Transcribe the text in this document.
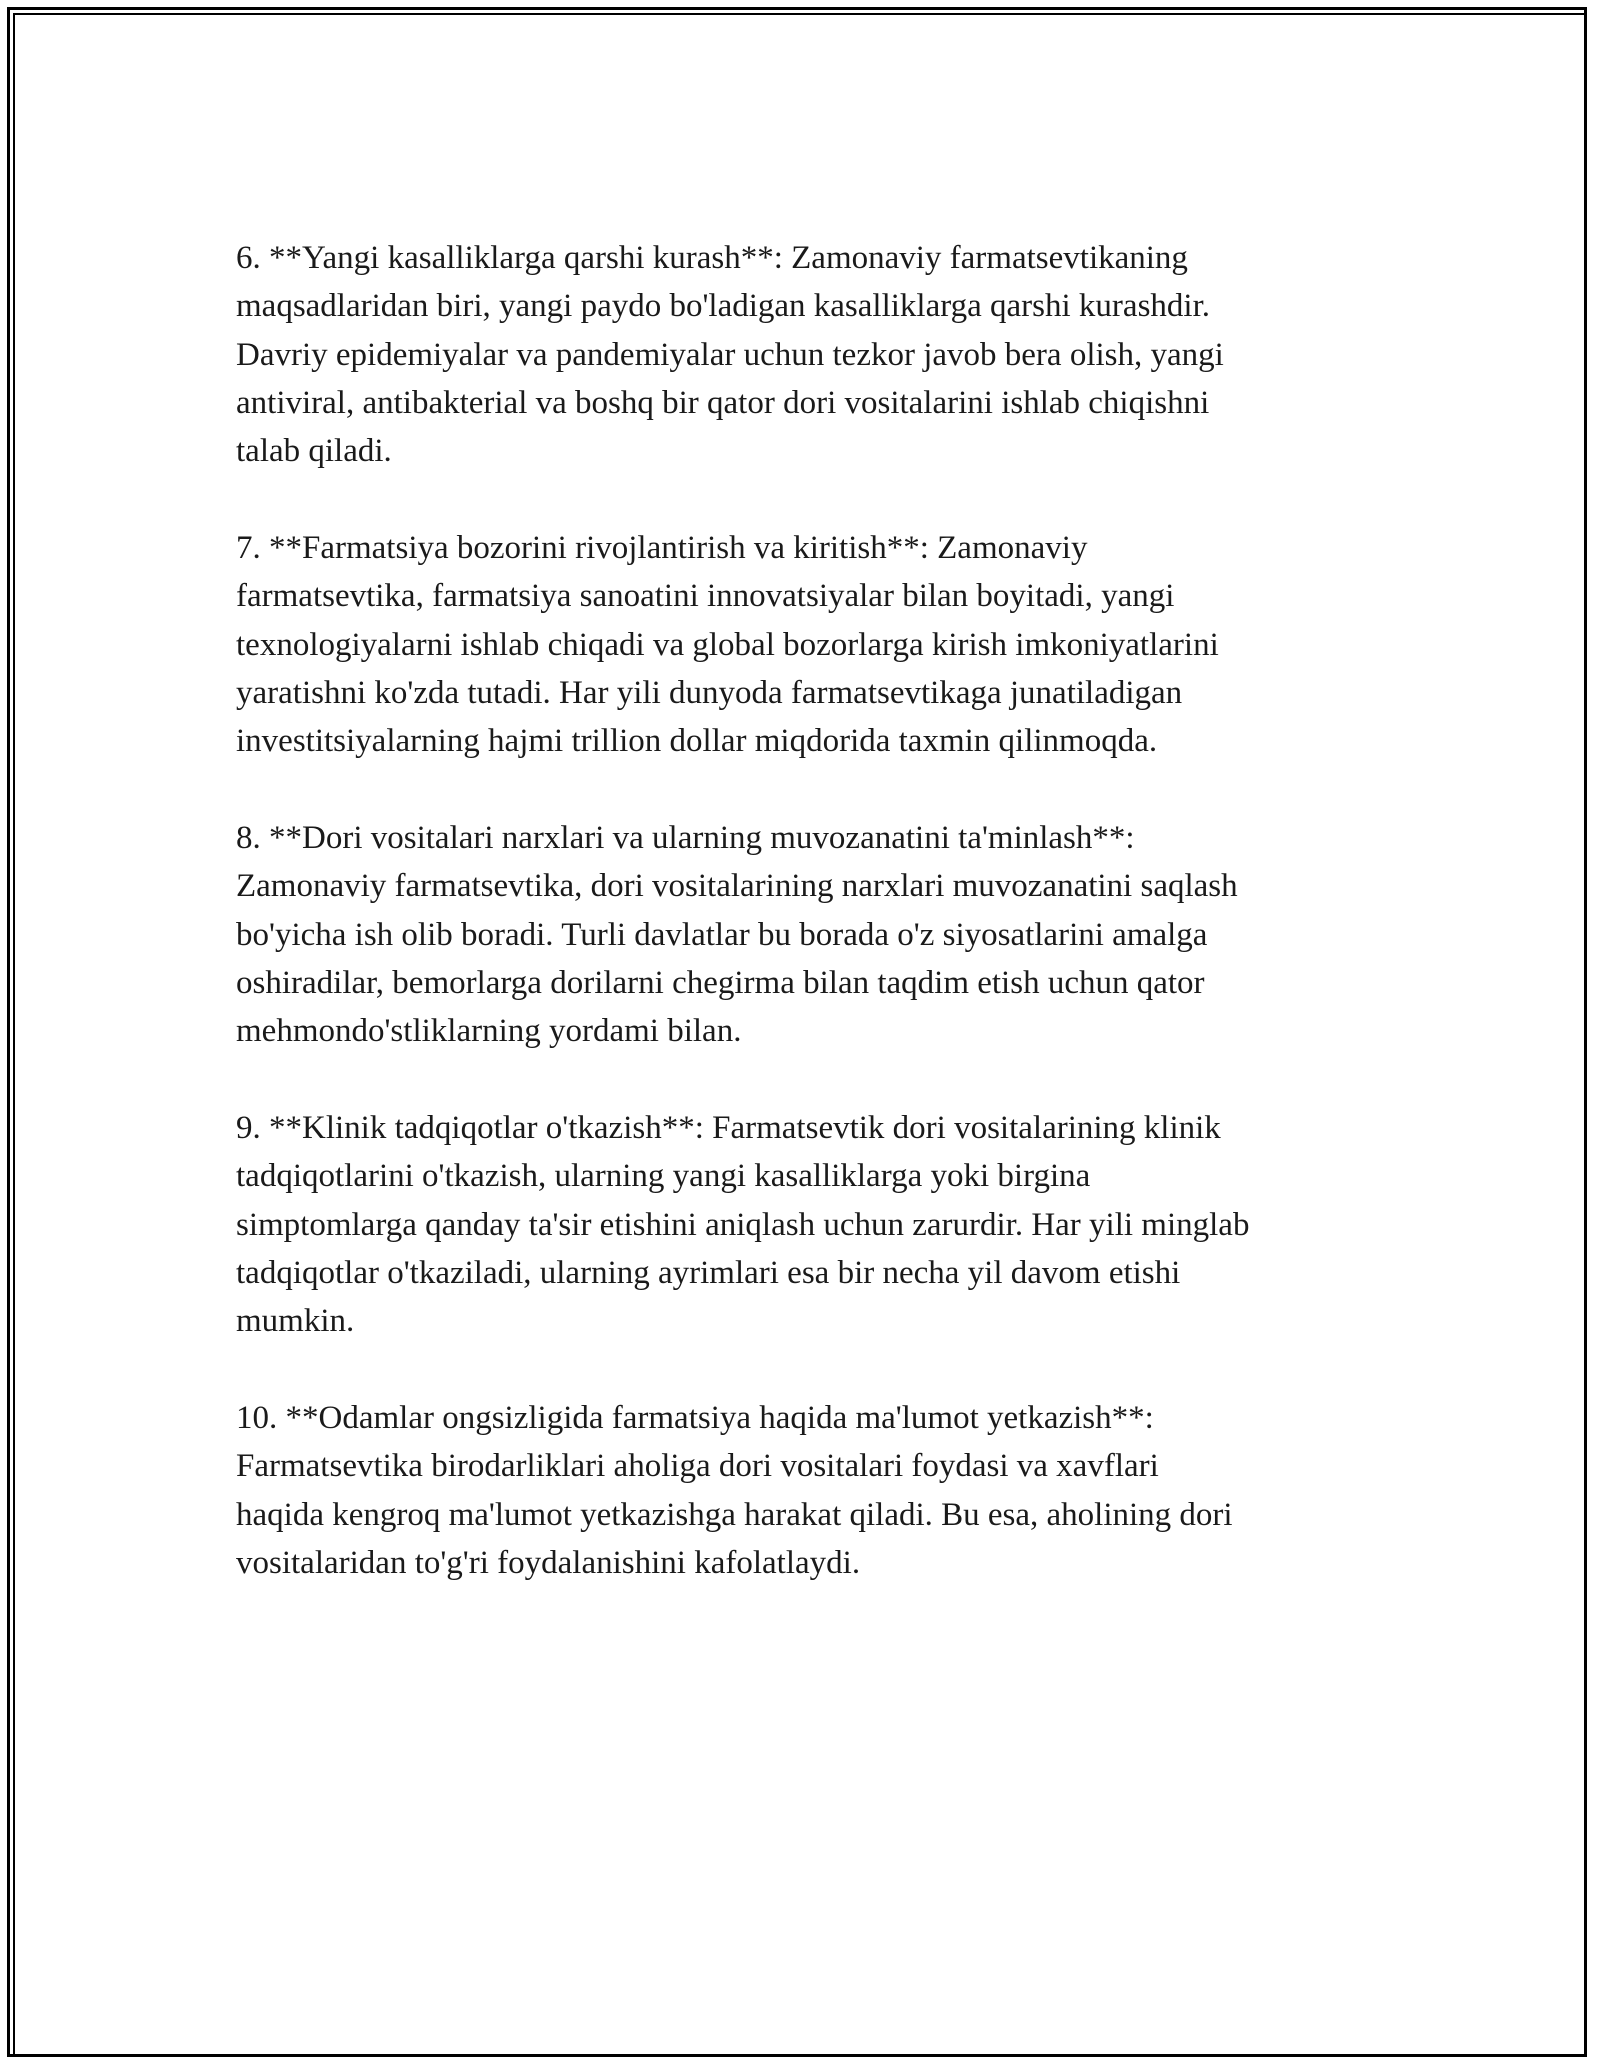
6. **Yangi kasalliklarga qarshi kurash**: Zamonaviy farmatsevtikaning
maqsadlaridan biri, yangi paydo bo'ladigan kasalliklarga qarshi kurashdir.
Davriy epidemiyalar va pandemiyalar uchun tezkor javob bera olish, yangi
antiviral, antibakterial va boshq bir qator dori vositalarini ishlab chiqishni
talab qiladi.

7. **Farmatsiya bozorini rivojlantirish va kiritish**: Zamonaviy
farmatsevtika, farmatsiya sanoatini innovatsiyalar bilan boyitadi, yangi
texnologiyalarni ishlab chiqadi va global bozorlarga kirish imkoniyatlarini
yaratishni ko'zda tutadi. Har yili dunyoda farmatsevtikaga junatiladigan
investitsiyalarning hajmi trillion dollar miqdorida taxmin qilinmoqda.

8. **Dori vositalari narxlari va ularning muvozanatini ta'minlash**:
Zamonaviy farmatsevtika, dori vositalarining narxlari muvozanatini saqlash
bo'yicha ish olib boradi. Turli davlatlar bu borada o'z siyosatlarini amalga
oshiradilar, bemorlarga dorilarni chegirma bilan taqdim etish uchun qator
mehmondo'stliklarning yordami bilan.

9. **Klinik tadqiqotlar o'tkazish**: Farmatsevtik dori vositalarining klinik
tadqiqotlarini o'tkazish, ularning yangi kasalliklarga yoki birgina
simptomlarga qanday ta'sir etishini aniqlash uchun zarurdir. Har yili minglab
tadqiqotlar o'tkaziladi, ularning ayrimlari esa bir necha yil davom etishi
mumkin.

10. **Odamlar ongsizligida farmatsiya haqida ma'lumot yetkazish**:
Farmatsevtika birodarliklari aholiga dori vositalari foydasi va xavflari
haqida kengroq ma'lumot yetkazishga harakat qiladi. Bu esa, aholining dori
vositalaridan to'g'ri foydalanishini kafolatlaydi.
